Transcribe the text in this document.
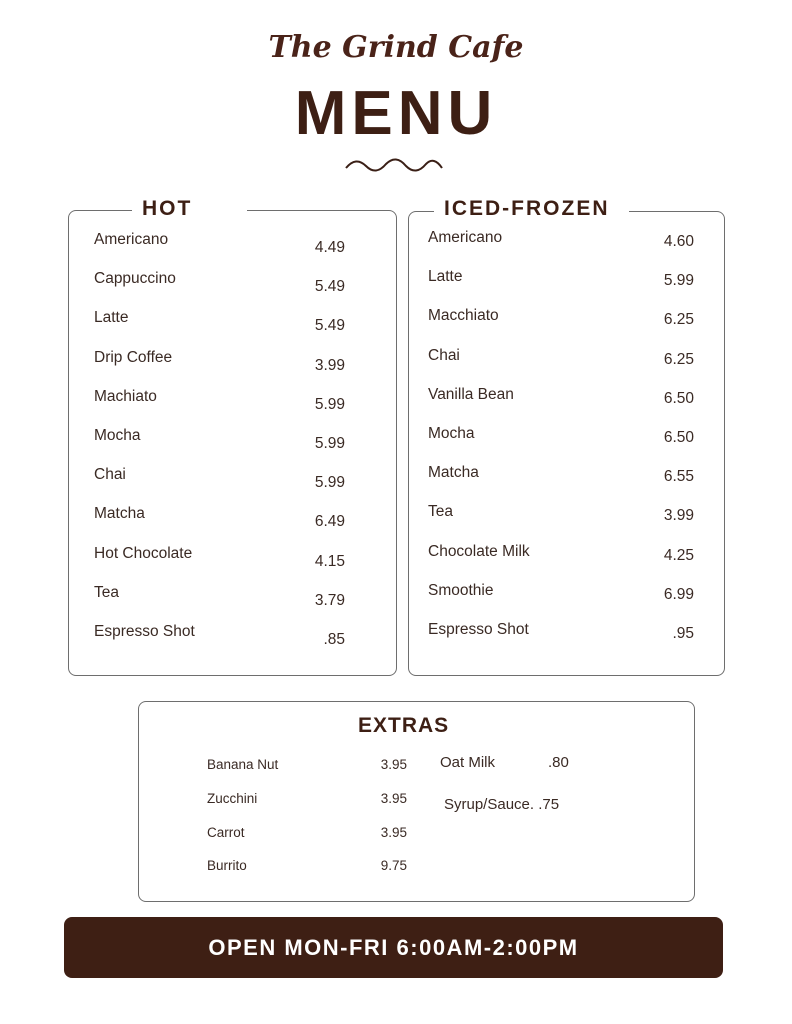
The Grind Cafe
MENU
HOT
Americano	4.49
Cappuccino	5.49
Latte	5.49
Drip Coffee	3.99
Machiato	5.99
Mocha	5.99
Chai	5.99
Matcha	6.49
Hot Chocolate	4.15
Tea	3.79
Espresso Shot	.85
ICED-FROZEN
Americano	4.60
Latte	5.99
Macchiato	6.25
Chai	6.25
Vanilla Bean	6.50
Mocha	6.50
Matcha	6.55
Tea	3.99
Chocolate Milk	4.25
Smoothie	6.99
Espresso Shot	.95
EXTRAS
Banana Nut	3.95
Zucchini	3.95
Carrot	3.95
Burrito	9.75
Oat Milk	.80
Syrup/Sauce. .75
OPEN MON-FRI 6:00AM-2:00PM
